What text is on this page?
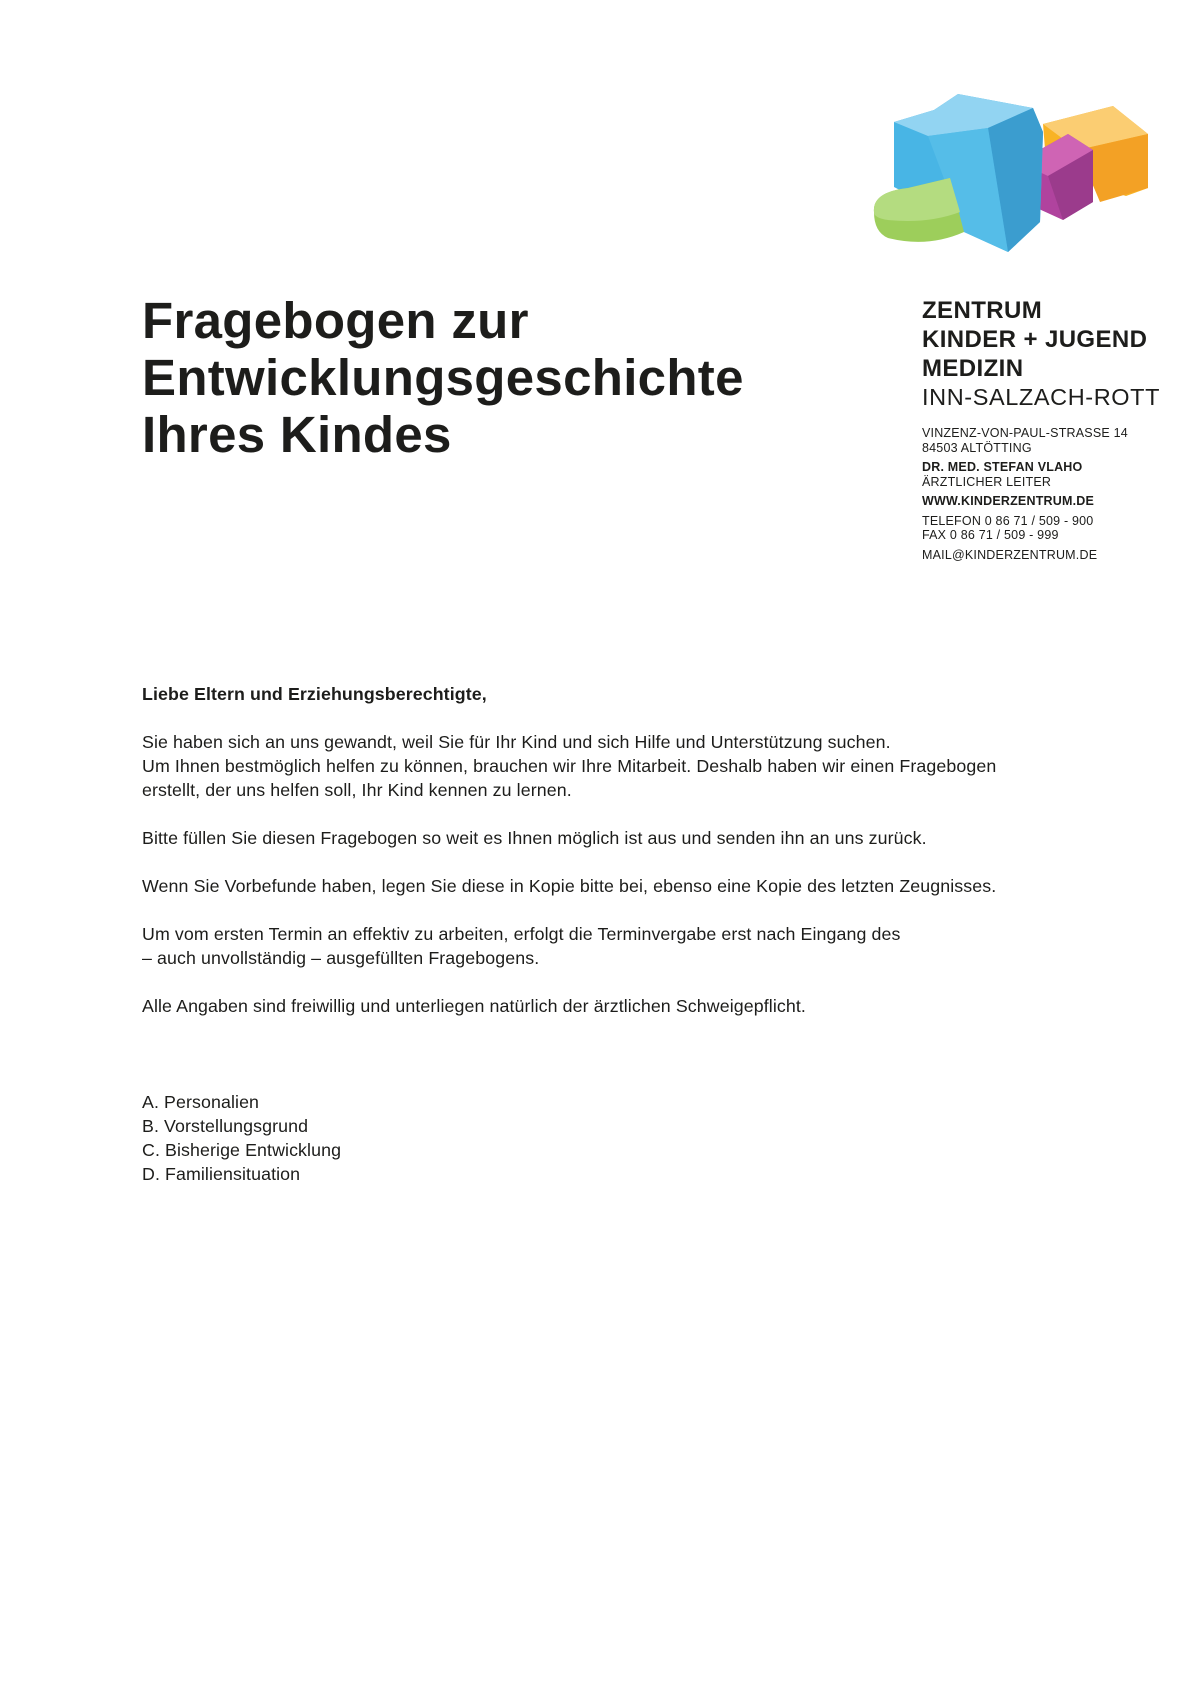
Fragebogen zur
Entwicklungsgeschichte
Ihres Kindes
ZENTRUM
KINDER + JUGEND
MEDIZIN
INN-SALZACH-ROTT
VINZENZ-VON-PAUL-STRASSE 14
84503 ALTÖTTING
DR. MED. STEFAN VLAHO
ÄRZTLICHER LEITER
WWW.KINDERZENTRUM.DE
TELEFON 0 86 71 / 509 - 900
FAX 0 86 71 / 509 - 999
MAIL@KINDERZENTRUM.DE

Liebe Eltern und Erziehungsberechtigte,

Sie haben sich an uns gewandt, weil Sie für Ihr Kind und sich Hilfe und Unterstützung suchen.
Um Ihnen bestmöglich helfen zu können, brauchen wir Ihre Mitarbeit. Deshalb haben wir einen Fragebogen
erstellt, der uns helfen soll, Ihr Kind kennen zu lernen.

Bitte füllen Sie diesen Fragebogen so weit es Ihnen möglich ist aus und senden ihn an uns zurück.

Wenn Sie Vorbefunde haben, legen Sie diese in Kopie bitte bei, ebenso eine Kopie des letzten Zeugnisses.

Um vom ersten Termin an effektiv zu arbeiten, erfolgt die Terminvergabe erst nach Eingang des
– auch unvollständig – ausgefüllten Fragebogens.

Alle Angaben sind freiwillig und unterliegen natürlich der ärztlichen Schweigepflicht.

A. Personalien
B. Vorstellungsgrund
C. Bisherige Entwicklung
D. Familiensituation
